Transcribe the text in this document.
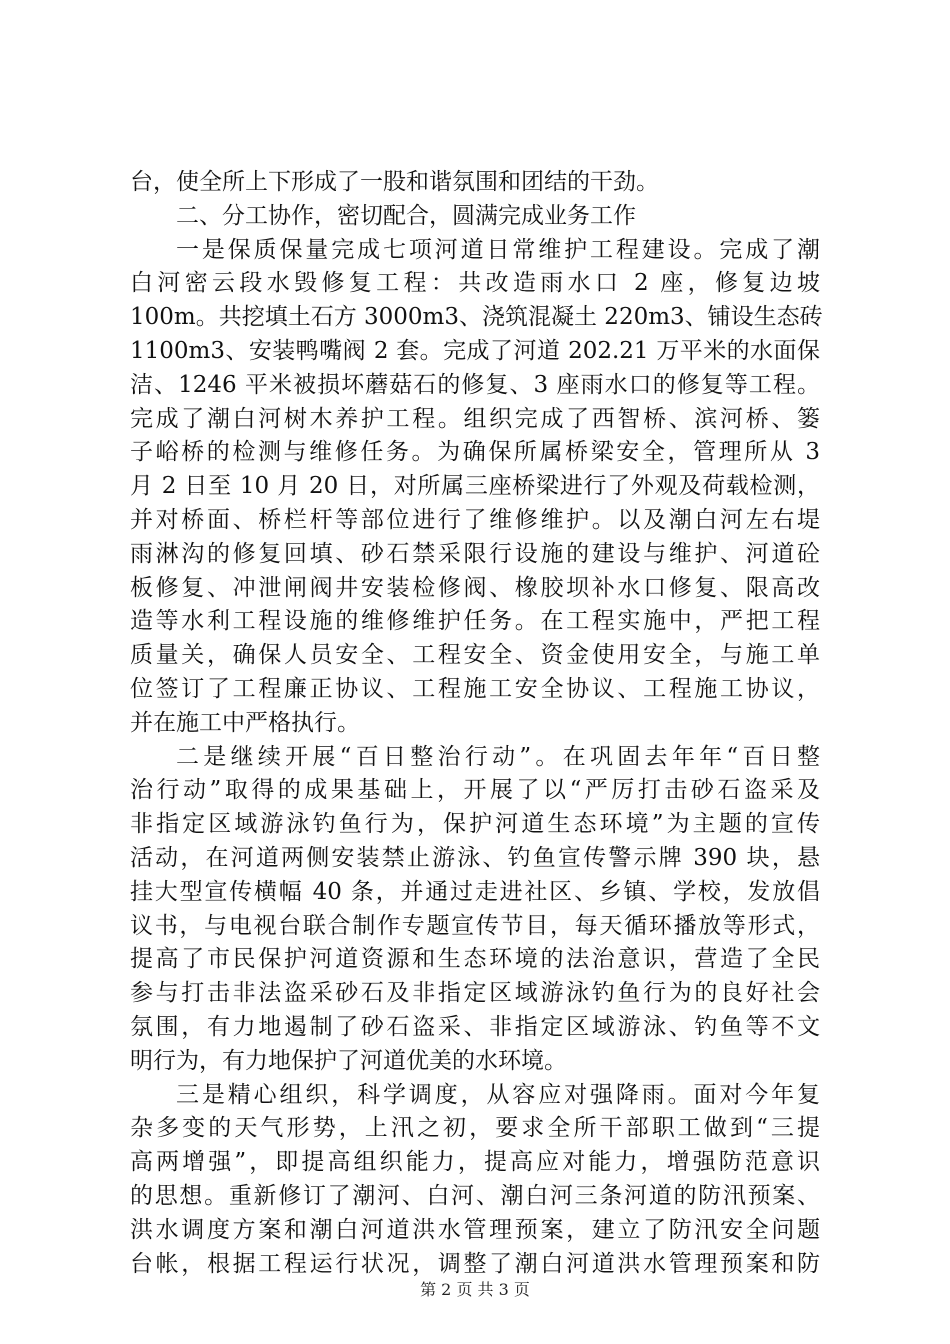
台，使全所上下形成了一股和谐氛围和团结的干劲。
二、分工协作，密切配合，圆满完成业务工作
一是保质保量完成七项河道日常维护工程建设。完成了潮
白河密云段水毁修复工程：共改造雨水口 2 座，修复边坡
100m。共挖填土石方 3000m3、浇筑混凝土 220m3、铺设生态砖
1100m3、安装鸭嘴阀 2 套。完成了河道 202.21 万平米的水面保
洁、1246 平米被损坏蘑菇石的修复、3 座雨水口的修复等工程。
完成了潮白河树木养护工程。组织完成了西智桥、滨河桥、篓
子峪桥的检测与维修任务。为确保所属桥梁安全，管理所从 3
月 2 日至 10 月 20 日，对所属三座桥梁进行了外观及荷载检测，
并对桥面、桥栏杆等部位进行了维修维护。以及潮白河左右堤
雨淋沟的修复回填、砂石禁采限行设施的建设与维护、河道砼
板修复、冲泄闸阀井安装检修阀、橡胶坝补水口修复、限高改
造等水利工程设施的维修维护任务。在工程实施中，严把工程
质量关，确保人员安全、工程安全、资金使用安全，与施工单
位签订了工程廉正协议、工程施工安全协议、工程施工协议，
并在施工中严格执行。
二是继续开展“百日整治行动”。在巩固去年年“百日整
治行动”取得的成果基础上，开展了以“严厉打击砂石盗采及
非指定区域游泳钓鱼行为，保护河道生态环境”为主题的宣传
活动，在河道两侧安装禁止游泳、钓鱼宣传警示牌 390 块，悬
挂大型宣传横幅 40 条，并通过走进社区、乡镇、学校，发放倡
议书，与电视台联合制作专题宣传节目，每天循环播放等形式，
提高了市民保护河道资源和生态环境的法治意识，营造了全民
参与打击非法盗采砂石及非指定区域游泳钓鱼行为的良好社会
氛围，有力地遏制了砂石盗采、非指定区域游泳、钓鱼等不文
明行为，有力地保护了河道优美的水环境。
三是精心组织，科学调度，从容应对强降雨。面对今年复
杂多变的天气形势，上汛之初，要求全所干部职工做到“三提
高两增强”，即提高组织能力，提高应对能力，增强防范意识
的思想。重新修订了潮河、白河、潮白河三条河道的防汛预案、
洪水调度方案和潮白河道洪水管理预案，建立了防汛安全问题
台帐，根据工程运行状况，调整了潮白河道洪水管理预案和防
第 2 页 共 3 页
